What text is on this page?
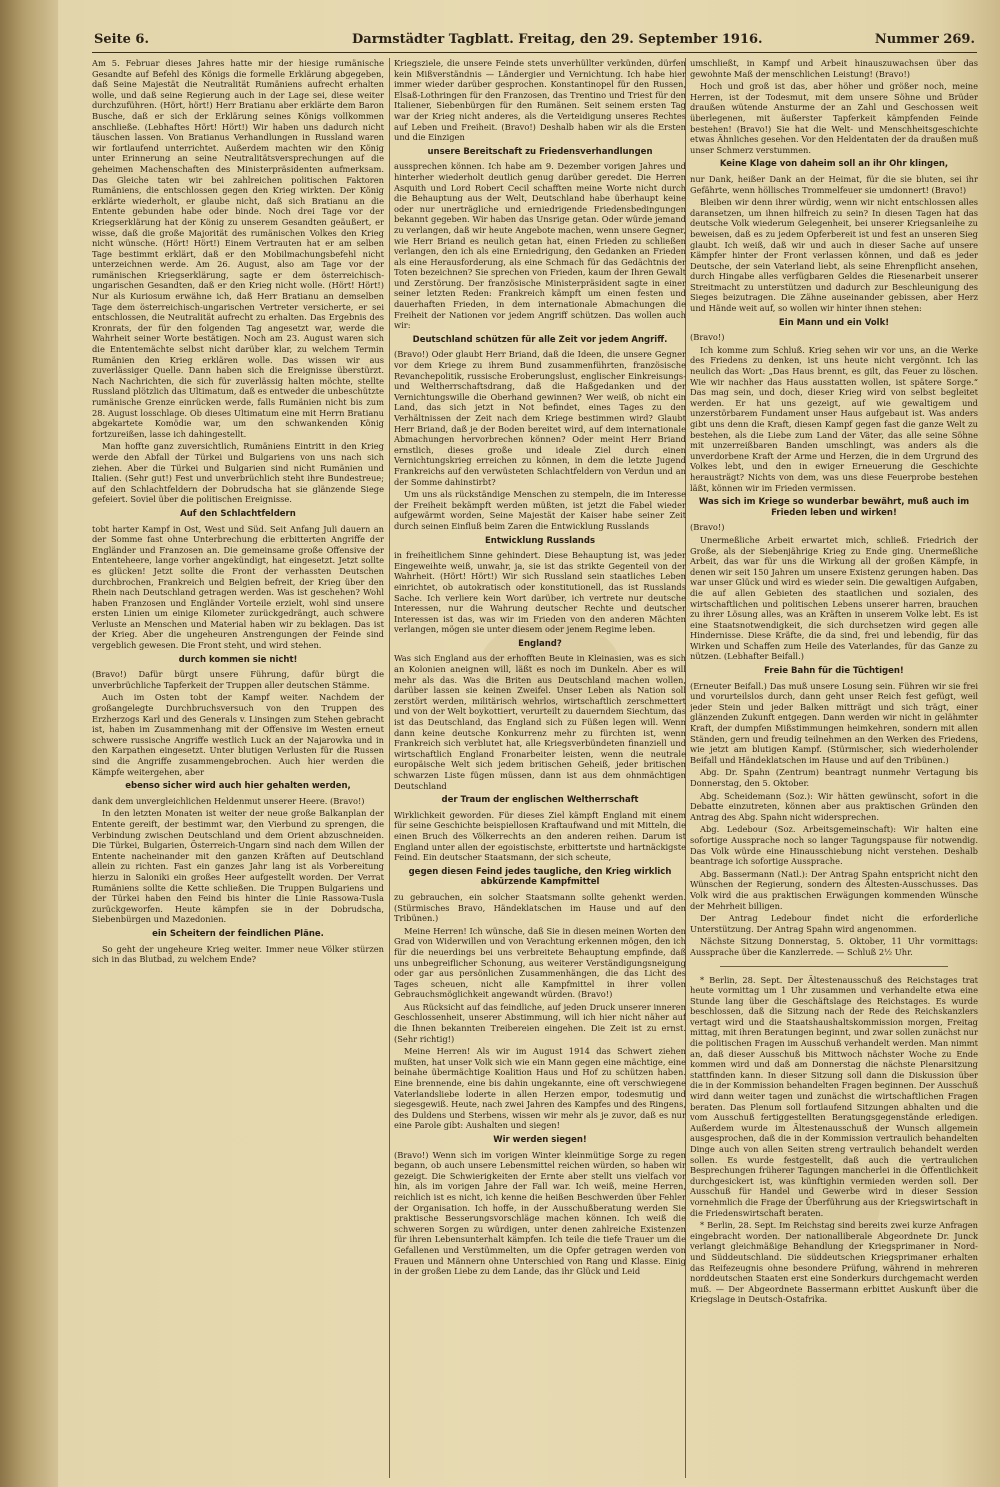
Seite 6.	Darmstädter Tagblatt. Freitag, den 29. September 1916.	Nummer 269.

Am 5. Februar dieses Jahres hatte mir der hiesige rumänische Gesandte auf Befehl des Königs die formelle Erklärung abgegeben, daß Seine Majestät die Neutralität Rumäniens aufrecht erhalten wolle, und daß seine Regierung auch in der Lage sei, diese weiter durchzuführen. (Hört, hört!) Herr Bratianu aber erklärte dem Baron Busche, daß er sich der Erklärung seines Königs vollkommen anschließe. (Lebhaftes Hört! Hört!) Wir haben uns dadurch nicht täuschen lassen. Von Bratianus Verhandlungen in Russland waren wir fortlaufend unterrichtet. Außerdem machten wir den König unter Erinnerung an seine Neutralitätsversprechungen auf die geheimen Machenschaften des Ministerpräsidenten aufmerksam. Das Gleiche taten wir bei zahlreichen politischen Faktoren Rumäniens, die entschlossen gegen den Krieg wirkten. Der König erklärte wiederholt, er glaube nicht, daß sich Bratianu an die Entente gebunden habe oder binde. Noch drei Tage vor der Kriegserklärung hat der König zu unserem Gesandten geäußert, er wisse, daß die große Majorität des rumänischen Volkes den Krieg nicht wünsche. (Hört! Hört!) Einem Vertrauten hat er am selben Tage bestimmt erklärt, daß er den Mobilmachungsbefehl nicht unterzeichnen werde. Am 26. August, also am Tage vor der rumänischen Kriegserklärung, sagte er dem österreichisch-ungarischen Gesandten, daß er den Krieg nicht wolle. (Hört! Hört!) Nur als Kuriosum erwähne ich, daß Herr Bratianu an demselben Tage dem österreichisch-ungarischen Vertreter versicherte, er sei entschlossen, die Neutralität aufrecht zu erhalten. Das Ergebnis des Kronrats, der für den folgenden Tag angesetzt war, werde die Wahrheit seiner Worte bestätigen. Noch am 23. August waren sich die Ententemächte selbst nicht darüber klar, zu welchem Termin Rumänien den Krieg erklären wolle. Das wissen wir aus zuverlässiger Quelle. Dann haben sich die Ereignisse überstürzt. Nach Nachrichten, die sich für zuverlässig halten möchte, stellte Russland plötzlich das Ultimatum, daß es entweder die unbeschützte rumänische Grenze einrücken werde, falls Rumänien nicht bis zum 28. August losschlage. Ob dieses Ultimatum eine mit Herrn Bratianu abgekartete Komödie war, um den schwankenden König fortzureißen, lasse ich dahingestellt.

Man hoffte ganz zuversichtlich, Rumäniens Eintritt in den Krieg werde den Abfall der Türkei und Bulgariens von uns nach sich ziehen. Aber die Türkei und Bulgarien sind nicht Rumänien und Italien. (Sehr gut!) Fest und unverbrüchlich steht ihre Bundestreue; auf den Schlachtfeldern der Dobrudscha hat sie glänzende Siege gefeiert. Soviel über die politischen Ereignisse.

Auf den Schlachtfeldern

tobt harter Kampf in Ost, West und Süd. Seit Anfang Juli dauern an der Somme fast ohne Unterbrechung die erbitterten Angriffe der Engländer und Franzosen an. Die gemeinsame große Offensive der Ententeheere, lange vorher angekündigt, hat eingesetzt. Jetzt sollte es glücken! Jetzt sollte die Front der verhassten Deutschen durchbrochen, Frankreich und Belgien befreit, der Krieg über den Rhein nach Deutschland getragen werden. Was ist geschehen? Wohl haben Franzosen und Engländer Vorteile erzielt, wohl sind unsere ersten Linien um einige Kilometer zurückgedrängt, auch schwere Verluste an Menschen und Material haben wir zu beklagen. Das ist der Krieg. Aber die ungeheuren Anstrengungen der Feinde sind vergeblich gewesen. Die Front steht, und wird stehen.

durch kommen sie nicht!

(Bravo!) Dafür bürgt unsere Führung, dafür bürgt die unverbrüchliche Tapferkeit der Truppen aller deutschen Stämme.

Auch im Osten tobt der Kampf weiter. Nachdem der großangelegte Durchbruchsversuch von den Truppen des Erzherzogs Karl und des Generals v. Linsingen zum Stehen gebracht ist, haben im Zusammenhang mit der Offensive im Westen erneut schwere russische Angriffe westlich Luck an der Najarowka und in den Karpathen eingesetzt. Unter blutigen Verlusten für die Russen sind die Angriffe zusammengebrochen. Auch hier werden die Kämpfe weitergehen, aber

ebenso sicher wird auch hier gehalten werden,

dank dem unvergleichlichen Heldenmut unserer Heere. (Bravo!)

In den letzten Monaten ist weiter der neue große Balkanplan der Entente gereift, der bestimmt war, den Vierbund zu sprengen, die Verbindung zwischen Deutschland und dem Orient abzuschneiden. Die Türkei, Bulgarien, Österreich-Ungarn sind nach dem Willen der Entente nacheinander mit den ganzen Kräften auf Deutschland allein zu richten. Fast ein ganzes Jahr lang ist als Vorbereitung hierzu in Saloniki ein großes Heer aufgestellt worden. Der Verrat Rumäniens sollte die Kette schließen. Die Truppen Bulgariens und der Türkei haben den Feind bis hinter die Linie Rassowa-Tusla zurückgeworfen. Heute kämpfen sie in der Dobrudscha, Siebenbürgen und Mazedonien.

ein Scheitern der feindlichen Pläne.

So geht der ungeheure Krieg weiter. Immer neue Völker stürzen sich in das Blutbad, zu welchem Ende?

Kriegsziele, die unsere Feinde stets unverhüllter verkünden, dürfen kein Mißverständnis — Ländergier und Vernichtung. Ich habe hier immer wieder darüber gesprochen. Konstantinopel für den Russen, Elsaß-Lothringen für den Franzosen, das Trentino und Triest für den Italiener, Siebenbürgen für den Rumänen. Seit seinem ersten Tag war der Krieg nicht anderes, als die Verteidigung unseres Rechtes auf Leben und Freiheit. (Bravo!) Deshalb haben wir als die Ersten und die Einzigen

unsere Bereitschaft zu Friedensverhandlungen

aussprechen können. Ich habe am 9. Dezember vorigen Jahres und hinterher wiederholt deutlich genug darüber geredet. Die Herren Asquith und Lord Robert Cecil schafften meine Worte nicht durch die Behauptung aus der Welt, Deutschland habe überhaupt keine oder nur unerträgliche und erniedrigende Friedensbedingungen bekannt gegeben. Wir haben das Unsrige getan. Oder würde jemand zu verlangen, daß wir heute Angebote machen, wenn unsere Gegner, wie Herr Briand es neulich getan hat, einen Frieden zu schließen verlangen, den ich als eine Erniedrigung, den Gedanken an Frieden als eine Herausforderung, als eine Schmach für das Gedächtnis der Toten bezeichnen? Sie sprechen von Frieden, kaum der Ihren Gewalt und Zerstörung. Der französische Ministerpräsident sagte in einer seiner letzten Reden: Frankreich kämpft um einen festen und dauerhaften Frieden, in dem internationale Abmachungen die Freiheit der Nationen vor jedem Angriff schützen. Das wollen auch wir:

Deutschland schützen für alle Zeit vor jedem Angriff.

(Bravo!) Oder glaubt Herr Briand, daß die Ideen, die unsere Gegner vor dem Kriege zu ihrem Bund zusammenführten, französische Revanchepolitik, russische Eroberungslust, englischer Einkreisungs- und Weltherrschaftsdrang, daß die Haßgedanken und der Vernichtungswille die Oberhand gewinnen? Wer weiß, ob nicht ein Land, das sich jetzt in Not befindet, eines Tages zu den Verhältnissen der Zeit nach dem Kriege bestimmen wird? Glaubt Herr Briand, daß je der Boden bereitet wird, auf dem internationale Abmachungen hervorbrechen können? Oder meint Herr Briand ernstlich, dieses große und ideale Ziel durch einen Vernichtungskrieg erreichen zu können, in dem die letzte Jugend Frankreichs auf den verwüsteten Schlachtfeldern von Verdun und an der Somme dahinstirbt?

Um uns als rückständige Menschen zu stempeln, die im Interesse der Freiheit bekämpft werden müßten, ist jetzt die Fabel wieder aufgewärmt worden, Seine Majestät der Kaiser habe seiner Zeit durch seinen Einfluß beim Zaren die Entwicklung Russlands

Entwicklung Russlands

in freiheitlichem Sinne gehindert. Diese Behauptung ist, was jeder Eingeweihte weiß, unwahr, ja, sie ist das strikte Gegenteil von der Wahrheit. (Hört! Hört!) Wir sich Russland sein staatliches Leben einrichtet, ob autokratisch oder konstitutionell, das ist Russlands Sache. Ich verliere kein Wort darüber, ich vertrete nur deutsche Interessen, nur die Wahrung deutscher Rechte und deutscher Interessen ist das, was wir im Frieden von den anderen Mächten verlangen, mögen sie unter diesem oder jenem Regime leben.

England?

Was sich England aus der erhofften Beute in Kleinasien, was es sich an Kolonien aneignen will, läßt es noch im Dunkeln. Aber es will mehr als das. Was die Briten aus Deutschland machen wollen, darüber lassen sie keinen Zweifel. Unser Leben als Nation soll zerstört werden, militärisch wehrlos, wirtschaftlich zerschmettert und von der Welt boykottiert, verurteilt zu dauerndem Siechtum, das ist das Deutschland, das England sich zu Füßen legen will. Wenn dann keine deutsche Konkurrenz mehr zu fürchten ist, wenn Frankreich sich verblutet hat, alle Kriegsverbündeten finanziell und wirtschaftlich England Fronarbeiter leisten, wenn die neutrale europäische Welt sich jedem britischen Geheiß, jeder britischen schwarzen Liste fügen müssen, dann ist aus dem ohnmächtigen Deutschland

der Traum der englischen Weltherrschaft

Wirklichkeit geworden. Für dieses Ziel kämpft England mit einem für seine Geschichte beispiellosen Kraftaufwand und mit Mitteln, die einen Bruch des Völkerrechts an den anderen reihen. Darum ist England unter allen der egoistischste, erbittertste und hartnäckigste Feind. Ein deutscher Staatsmann, der sich scheute,

gegen diesen Feind jedes taugliche, den Krieg wirklich abkürzende Kampfmittel

zu gebrauchen, ein solcher Staatsmann sollte gehenkt werden. (Stürmisches Bravo, Händeklatschen im Hause und auf den Tribünen.)

Meine Herren! Ich wünsche, daß Sie in diesen meinen Worten den Grad von Widerwillen und von Verachtung erkennen mögen, den ich für die neuerdings bei uns verbreitete Behauptung empfinde, daß uns unbegreiflicher Schonung, aus weiterer Verständigungsneigung oder gar aus persönlichen Zusammenhängen, die das Licht des Tages scheuen, nicht alle Kampfmittel in ihrer vollen Gebrauchsmöglichkeit angewandt würden. (Bravo!)

Aus Rücksicht auf das feindliche, auf jeden Druck unserer inneren Geschlossenheit, unserer Abstimmung, will ich hier nicht näher auf die Ihnen bekannten Treibereien eingehen. Die Zeit ist zu ernst. (Sehr richtig!)

Meine Herren! Als wir im August 1914 das Schwert ziehen mußten, hat unser Volk sich wie ein Mann gegen eine mächtige, eine beinahe übermächtige Koalition Haus und Hof zu schützen haben. Eine brennende, eine bis dahin ungekannte, eine oft verschwiegene Vaterlandsliebe loderte in allen Herzen empor, todesmutig und siegesgewiß. Heute, nach zwei Jahren des Kampfes und des Ringens, des Duldens und Sterbens, wissen wir mehr als je zuvor, daß es nur eine Parole gibt: Aushalten und siegen!

Wir werden siegen!

(Bravo!) Wenn sich im vorigen Winter kleinmütige Sorge zu regen begann, ob auch unsere Lebensmittel reichen würden, so haben wir gezeigt. Die Schwierigkeiten der Ernte aber stellt uns vielfach vor hin, als im vorigen Jahre der Fall war. Ich weiß, meine Herren, reichlich ist es nicht, ich kenne die heißen Beschwerden über Fehler der Organisation. Ich hoffe, in der Ausschußberatung werden Sie praktische Besserungsvorschläge machen können. Ich weiß die schweren Sorgen zu würdigen, unter denen zahlreiche Existenzen für ihren Lebensunterhalt kämpfen. Ich teile die tiefe Trauer um die Gefallenen und Verstümmelten, um die Opfer getragen werden von Frauen und Männern ohne Unterschied von Rang und Klasse. Einig in der großen Liebe zu dem Lande, das ihr Glück und Leid

umschließt, in Kampf und Arbeit hinauszuwachsen über das gewohnte Maß der menschlichen Leistung! (Bravo!)

Hoch und groß ist das, aber höher und größer noch, meine Herren, ist der Todesmut, mit dem unsere Söhne und Brüder draußen wütende Ansturme der an Zahl und Geschossen weit überlegenen, mit äußerster Tapferkeit kämpfenden Feinde bestehen! (Bravo!) Sie hat die Welt- und Menschheitsgeschichte etwas Ähnliches gesehen. Vor den Heldentaten der da draußen muß unser Schmerz verstummen.

Keine Klage von daheim soll an ihr Ohr klingen,

nur Dank, heißer Dank an der Heimat, für die sie bluten, sei ihr Gefährte, wenn höllisches Trommelfeuer sie umdonnert! (Bravo!)

Bleiben wir denn ihrer würdig, wenn wir nicht entschlossen alles daransetzen, um ihnen hilfreich zu sein? In diesen Tagen hat das deutsche Volk wiederum Gelegenheit, bei unserer Kriegsanleihe zu beweisen, daß es zu jedem Opferbereit ist und fest an unseren Sieg glaubt. Ich weiß, daß wir und auch in dieser Sache auf unsere Kämpfer hinter der Front verlassen können, und daß es jeder Deutsche, der sein Vaterland liebt, als seine Ehrenpflicht ansehen, durch Hingabe alles verfügbaren Geldes die Riesenarbeit unserer Streitmacht zu unterstützen und dadurch zur Beschleunigung des Sieges beizutragen. Die Zähne auseinander gebissen, aber Herz und Hände weit auf, so wollen wir hinter ihnen stehen:

Ein Mann und ein Volk!

(Bravo!)

Ich komme zum Schluß. Krieg sehen wir vor uns, an die Werke des Friedens zu denken, ist uns heute nicht vergönnt. Ich las neulich das Wort: „Das Haus brennt, es gilt, das Feuer zu löschen. Wie wir nachher das Haus ausstatten wollen, ist spätere Sorge.“ Das mag sein, und doch, dieser Krieg wird von selbst begleitet werden. Er hat uns gezeigt, auf wie gewaltigem und unzerstörbarem Fundament unser Haus aufgebaut ist. Was anders gibt uns denn die Kraft, diesen Kampf gegen fast die ganze Welt zu bestehen, als die Liebe zum Land der Väter, das alle seine Söhne mit unzerreißbaren Banden umschlingt, was anders als die unverdorbene Kraft der Arme und Herzen, die in dem Urgrund des Volkes lebt, und den in ewiger Erneuerung die Geschichte herausträgt? Nichts von dem, was uns diese Feuerprobe bestehen läßt, können wir im Frieden vermissen.

Was sich im Kriege so wunderbar bewährt, muß auch im Frieden leben und wirken!

(Bravo!)

Unermeßliche Arbeit erwartet mich, schließ. Friedrich der Große, als der Siebenjährige Krieg zu Ende ging. Unermeßliche Arbeit, das war für uns die Wirkung all der großen Kämpfe, in denen wir seit 150 Jahren um unsere Existenz gerungen haben. Das war unser Glück und wird es wieder sein. Die gewaltigen Aufgaben, die auf allen Gebieten des staatlichen und sozialen, des wirtschaftlichen und politischen Lebens unserer harren, brauchen zu ihrer Lösung alles, was an Kräften in unserem Volke lebt. Es ist eine Staatsnotwendigkeit, die sich durchsetzen wird gegen alle Hindernisse. Diese Kräfte, die da sind, frei und lebendig, für das Wirken und Schaffen zum Heile des Vaterlandes, für das Ganze zu nützen. (Lebhafter Beifall.)

Freie Bahn für die Tüchtigen!

(Erneuter Beifall.) Das muß unsere Losung sein. Führen wir sie frei und vorurteilslos durch, dann geht unser Reich fest gefügt, weil jeder Stein und jeder Balken mitträgt und sich trägt, einer glänzenden Zukunft entgegen. Dann werden wir nicht in gelähmter Kraft, der dumpfen Mißstimmungen heimkehren, sondern mit allen Ständen, gern und freudig teilnehmen an den Werken des Friedens, wie jetzt am blutigen Kampf. (Stürmischer, sich wiederholender Beifall und Händeklatschen im Hause und auf den Tribünen.)

Abg. Dr. Spahn (Zentrum) beantragt nunmehr Vertagung bis Donnerstag, den 5. Oktober.

Abg. Scheidemann (Soz.): Wir hätten gewünscht, sofort in die Debatte einzutreten, können aber aus praktischen Gründen den Antrag des Abg. Spahn nicht widersprechen.

Abg. Ledebour (Soz. Arbeitsgemeinschaft): Wir halten eine sofortige Aussprache noch so langer Tagungspause für notwendig. Das Volk würde eine Hinausschiebung nicht verstehen. Deshalb beantrage ich sofortige Aussprache.

Abg. Bassermann (Natl.): Der Antrag Spahn entspricht nicht den Wünschen der Regierung, sondern des Ältesten-Ausschusses. Das Volk wird die aus praktischen Erwägungen kommenden Wünsche der Mehrheit billigen.

Der Antrag Ledebour findet nicht die erforderliche Unterstützung. Der Antrag Spahn wird angenommen.

Nächste Sitzung Donnerstag, 5. Oktober, 11 Uhr vormittags: Aussprache über die Kanzlerrede. — Schluß 2½ Uhr.

* Berlin, 28. Sept. Der Ältestenausschuß des Reichstages trat heute vormittag um 1 Uhr zusammen und verhandelte etwa eine Stunde lang über die Geschäftslage des Reichstages. Es wurde beschlossen, daß die Sitzung nach der Rede des Reichskanzlers vertagt wird und die Staatshaushaltskommission morgen, Freitag mittag, mit ihren Beratungen beginnt, und zwar sollen zunächst nur die politischen Fragen im Ausschuß verhandelt werden. Man nimmt an, daß dieser Ausschuß bis Mittwoch nächster Woche zu Ende kommen wird und daß am Donnerstag die nächste Plenarsitzung stattfinden kann. In dieser Sitzung soll dann die Diskussion über die in der Kommission behandelten Fragen beginnen. Der Ausschuß wird dann weiter tagen und zunächst die wirtschaftlichen Fragen beraten. Das Plenum soll fortlaufend Sitzungen abhalten und die vom Ausschuß fertiggestellten Beratungsgegenstände erledigen. Außerdem wurde im Ältestenausschuß der Wunsch allgemein ausgesprochen, daß die in der Kommission vertraulich behandelten Dinge auch von allen Seiten streng vertraulich behandelt werden sollen. Es wurde festgestellt, daß auch die vertraulichen Besprechungen früherer Tagungen mancherlei in die Öffentlichkeit durchgesickert ist, was künftighin vermieden werden soll. Der Ausschuß für Handel und Gewerbe wird in dieser Session vornehmlich die Frage der Überführung aus der Kriegswirtschaft in die Friedenswirtschaft beraten.

* Berlin, 28. Sept. Im Reichstag sind bereits zwei kurze Anfragen eingebracht worden. Der nationalliberale Abgeordnete Dr. Junck verlangt gleichmäßige Behandlung der Kriegsprimaner in Nord- und Süddeutschland. Die süddeutschen Kriegsprimaner erhalten das Reifezeugnis ohne besondere Prüfung, während in mehreren norddeutschen Staaten erst eine Sonderkurs durchgemacht werden muß. — Der Abgeordnete Bassermann erbittet Auskunft über die Kriegslage in Deutsch-Ostafrika.
